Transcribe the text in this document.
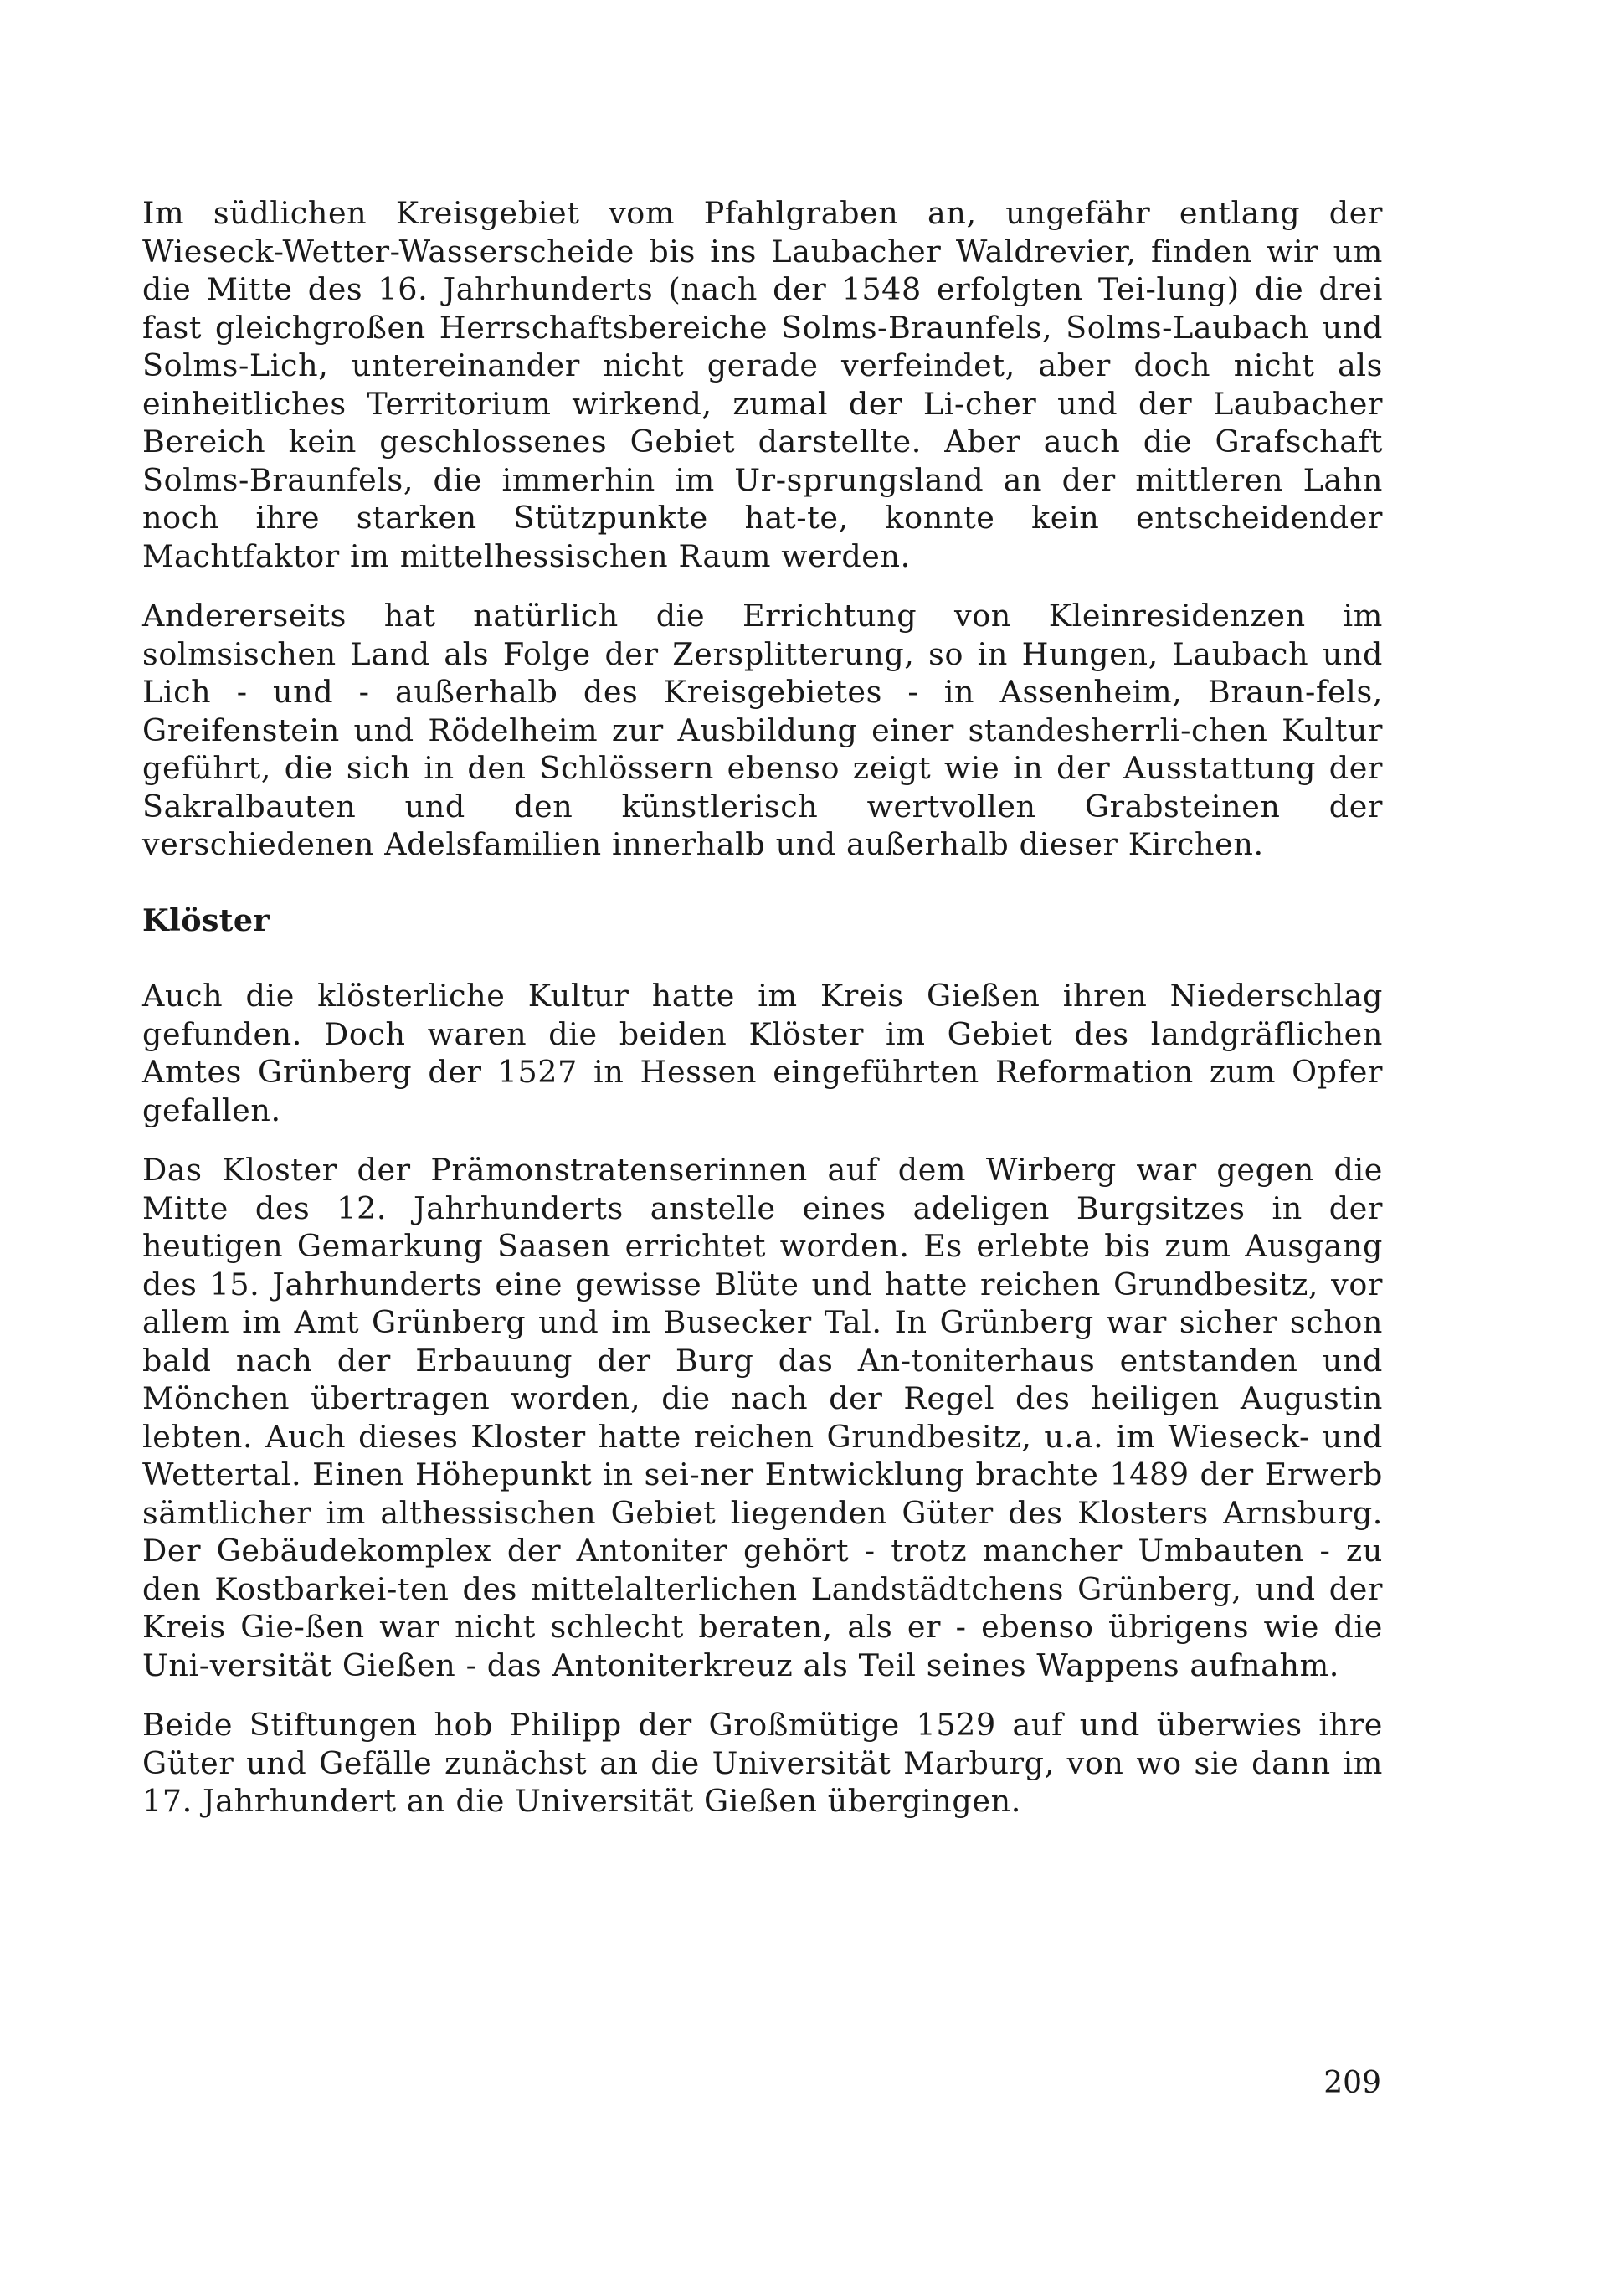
Im südlichen Kreisgebiet vom Pfahlgraben an, ungefähr entlang der Wieseck-Wetter-Wasserscheide bis ins Laubacher Waldrevier, finden wir um die Mitte des 16. Jahrhunderts (nach der 1548 erfolgten Tei-lung) die drei fast gleichgroßen Herrschaftsbereiche Solms-Braunfels, Solms-Laubach und Solms-Lich, untereinander nicht gerade verfeindet, aber doch nicht als einheitliches Territorium wirkend, zumal der Li-cher und der Laubacher Bereich kein geschlossenes Gebiet darstellte. Aber auch die Grafschaft Solms-Braunfels, die immerhin im Ur-sprungsland an der mittleren Lahn noch ihre starken Stützpunkte hat-te, konnte kein entscheidender Machtfaktor im mittelhessischen Raum werden.

Andererseits hat natürlich die Errichtung von Kleinresidenzen im solmsischen Land als Folge der Zersplitterung, so in Hungen, Laubach und Lich - und - außerhalb des Kreisgebietes - in Assenheim, Braun-fels, Greifenstein und Rödelheim zur Ausbildung einer standesherrli-chen Kultur geführt, die sich in den Schlössern ebenso zeigt wie in der Ausstattung der Sakralbauten und den künstlerisch wertvollen Grabsteinen der verschiedenen Adelsfamilien innerhalb und außerhalb dieser Kirchen.

Klöster

Auch die klösterliche Kultur hatte im Kreis Gießen ihren Niederschlag gefunden. Doch waren die beiden Klöster im Gebiet des landgräflichen Amtes Grünberg der 1527 in Hessen eingeführten Reformation zum Opfer gefallen.

Das Kloster der Prämonstratenserinnen auf dem Wirberg war gegen die Mitte des 12. Jahrhunderts anstelle eines adeligen Burgsitzes in der heutigen Gemarkung Saasen errichtet worden. Es erlebte bis zum Ausgang des 15. Jahrhunderts eine gewisse Blüte und hatte reichen Grundbesitz, vor allem im Amt Grünberg und im Busecker Tal. In Grünberg war sicher schon bald nach der Erbauung der Burg das An-toniterhaus entstanden und Mönchen übertragen worden, die nach der Regel des heiligen Augustin lebten. Auch dieses Kloster hatte reichen Grundbesitz, u.a. im Wieseck- und Wettertal. Einen Höhepunkt in sei-ner Entwicklung brachte 1489 der Erwerb sämtlicher im althessischen Gebiet liegenden Güter des Klosters Arnsburg. Der Gebäudekomplex der Antoniter gehört - trotz mancher Umbauten - zu den Kostbarkei-ten des mittelalterlichen Landstädtchens Grünberg, und der Kreis Gie-ßen war nicht schlecht beraten, als er - ebenso übrigens wie die Uni-versität Gießen - das Antoniterkreuz als Teil seines Wappens aufnahm.

Beide Stiftungen hob Philipp der Großmütige 1529 auf und überwies ihre Güter und Gefälle zunächst an die Universität Marburg, von wo sie dann im 17. Jahrhundert an die Universität Gießen übergingen.

209
